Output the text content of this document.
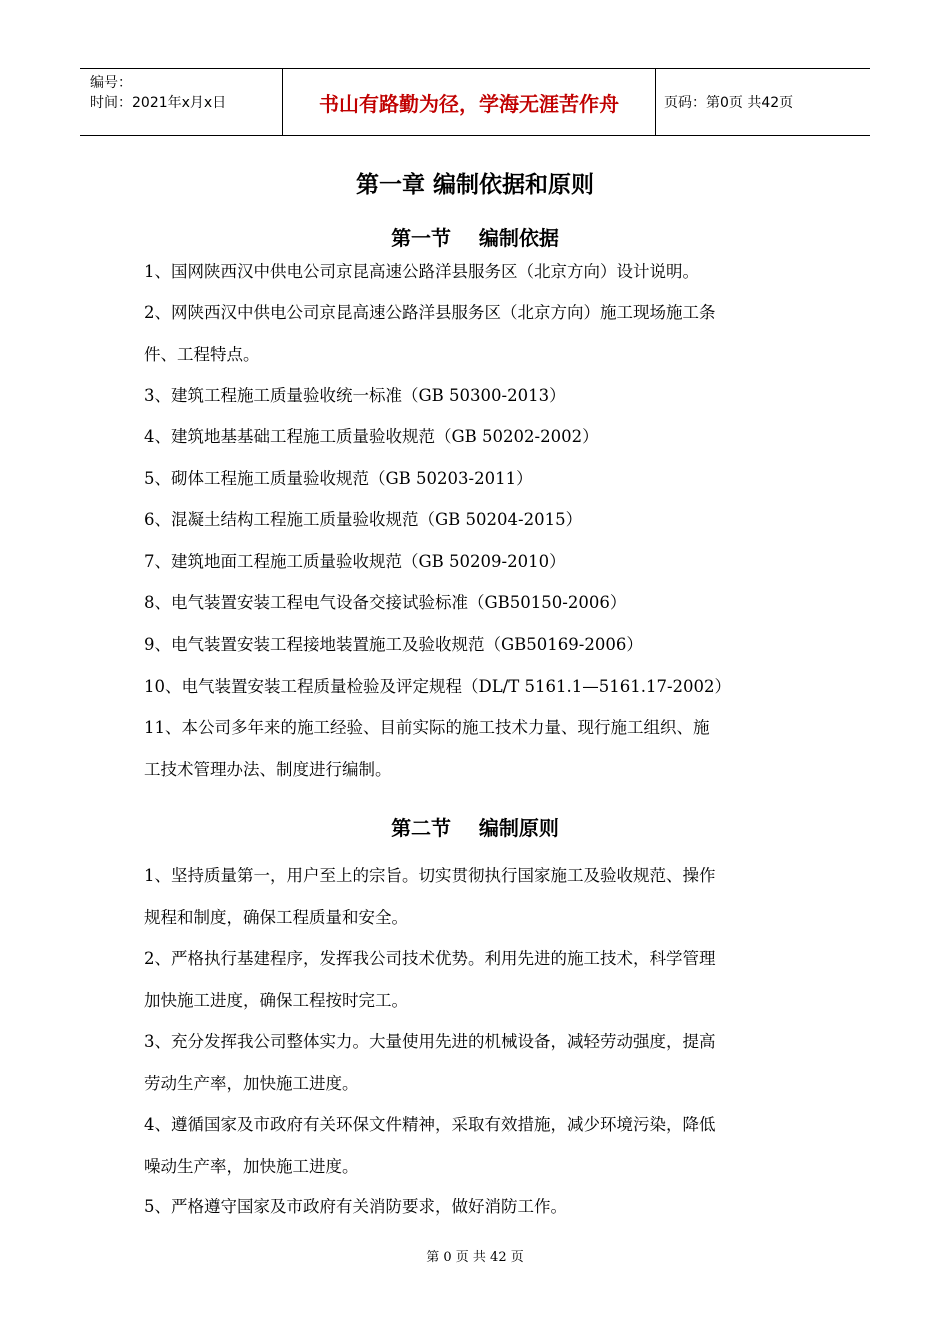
编号：
时间：2021年x月x日	书山有路勤为径，学海无涯苦作舟	页码：第0页 共42页
第一章 编制依据和原则
第一节    编制依据
1、国网陕西汉中供电公司京昆高速公路洋县服务区（北京方向）设计说明。
2、网陕西汉中供电公司京昆高速公路洋县服务区（北京方向）施工现场施工条
件、工程特点。
3、建筑工程施工质量验收统一标准（GB 50300-2013）
4、建筑地基基础工程施工质量验收规范（GB 50202-2002）
5、砌体工程施工质量验收规范（GB 50203-2011）
6、混凝土结构工程施工质量验收规范（GB 50204-2015）
7、建筑地面工程施工质量验收规范（GB 50209-2010）
8、电气装置安装工程电气设备交接试验标准（GB50150-2006）
9、电气装置安装工程接地装置施工及验收规范（GB50169-2006）
10、电气装置安装工程质量检验及评定规程（DL/T 5161.1—5161.17-2002）
11、本公司多年来的施工经验、目前实际的施工技术力量、现行施工组织、施
工技术管理办法、制度进行编制。
第二节    编制原则
1、坚持质量第一，用户至上的宗旨。切实贯彻执行国家施工及验收规范、操作
规程和制度，确保工程质量和安全。
2、严格执行基建程序，发挥我公司技术优势。利用先进的施工技术，科学管理
加快施工进度，确保工程按时完工。
3、充分发挥我公司整体实力。大量使用先进的机械设备，减轻劳动强度，提高
劳动生产率，加快施工进度。
4、遵循国家及市政府有关环保文件精神，采取有效措施，减少环境污染，降低
噪动生产率，加快施工进度。
5、严格遵守国家及市政府有关消防要求，做好消防工作。
第 0 页 共 42 页
